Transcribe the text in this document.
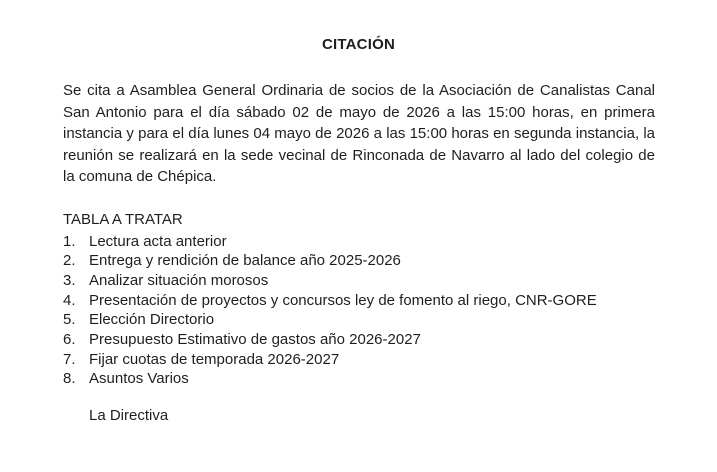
CITACIÓN

Se cita a Asamblea General Ordinaria de socios de la Asociación de Canalistas Canal San Antonio para el día sábado 02 de mayo de 2026 a las 15:00 horas, en primera instancia y para el día lunes 04 mayo de 2026 a las 15:00 horas en segunda instancia, la reunión se realizará en la sede vecinal de Rinconada de Navarro al lado del colegio de la comuna de Chépica.

TABLA A TRATAR
Lectura acta anterior
Entrega y rendición de balance año 2025-2026
Analizar situación morosos
Presentación de proyectos y concursos ley de fomento al riego, CNR-GORE
Elección Directorio
Presupuesto Estimativo de gastos año 2026-2027
Fijar cuotas de temporada 2026-2027
Asuntos Varios
La Directiva
